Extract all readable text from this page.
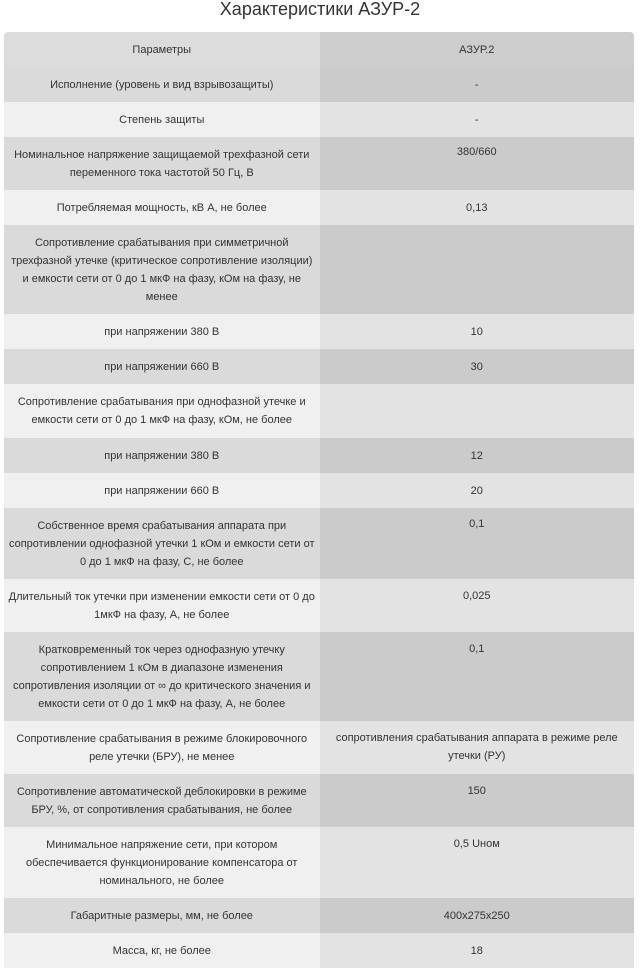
Характеристики АЗУР-2
Параметры	АЗУР.2
Исполнение (уровень и вид взрывозащиты)	-
Степень защиты	-
Номинальное напряжение защищаемой трехфазной сети переменного тока частотой 50 Гц, В	380/660
Потребляемая мощность, кВ А, не более	0,13
Сопротивление срабатывания при симметричной трехфазной утечке (критическое сопротивление изоляции) и емкости сети от 0 до 1 мкФ на фазу, кОм на фазу, не менее	
при напряжении 380 В	10
при напряжении 660 В	30
Сопротивление срабатывания при однофазной утечке и емкости сети от 0 до 1 мкФ на фазу, кОм, не более	
при напряжении 380 В	12
при напряжении 660 В	20
Собственное время срабатывания аппарата при сопротивлении однофазной утечки 1 кОм и емкости сети от 0 до 1 мкФ на фазу, С, не более	0,1
Длительный ток утечки при изменении емкости сети от 0 до 1мкФ на фазу, А, не более	0,025
Кратковременный ток через однофазную утечку сопротивлением 1 кОм в диапазоне изменения сопротивления изоляции от ∞ до критического значения и емкости сети от 0 до 1 мкФ на фазу, А, не более	0,1
Сопротивление срабатывания в режиме блокировочного реле утечки (БРУ), не менее	сопротивления срабатывания аппарата в режиме реле утечки (РУ)
Сопротивление автоматической деблокировки в режиме БРУ, %, от сопротивления срабатывания, не более	150
Минимальное напряжение сети, при котором обеспечивается функционирование компенсатора от номинального, не более	0,5 Uном
Габаритные размеры, мм, не более	400x275x250
Масса, кг, не более	18
